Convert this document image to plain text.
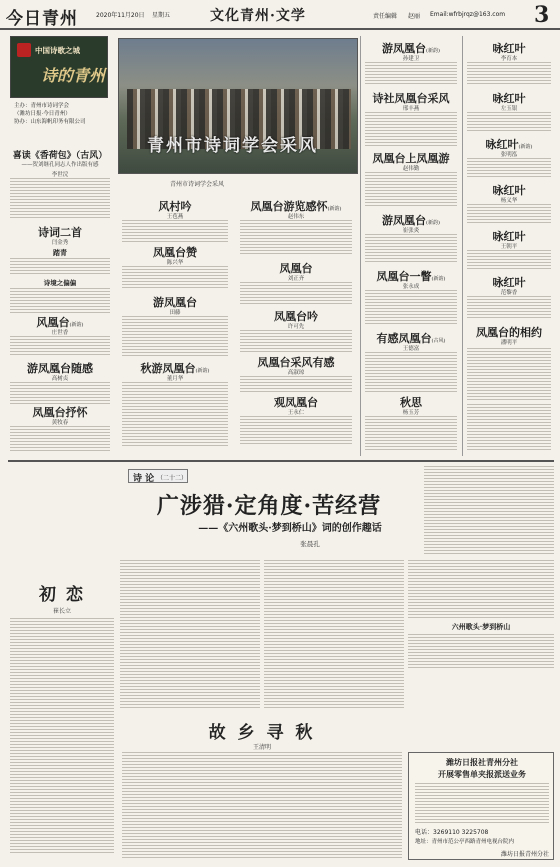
今日青州	2020年11月20日 星期五	文化青州·文学	责任编辑 赵丽 Email:wfrbjrqz@163.com 3
中国诗歌之城
诗的青州
主办：青州市诗词学会
（潍坊日报·今日青州）
协办：山东海帆印务有限公司
青州市诗词学会采风
青州市诗词学会采风
喜读《香荷包》（古风）
——贺刘继孔同志人作出版有感
李世浣
诗词二首
闫金秀
踏青
诗境之偏偏
风凰台(新韵)
庄世香
游凤凰台随感
高树贞
凤凰台抒怀
黄牧春
风村吟
王苞燕
凤凰台赞
陈兴华
游凤凰台
田藤
秋游凤凰台(新韵)
董月华
凤凰台游览感怀(新韵)
赵伟东
凤凰台
刘正齐
凤凰台吟
许可先
凤凰台采风有感
高淑琼
观凤凰台
王永仁
游凤凰台(新韵)
孙建卫
诗社凤凰台采风
邢丰燕
凤凰台上凤凰游
赵伟勤
游凤凰台(新韵)
崔张炎
凤凰台一瞥(新韵)
张永成
有感凤凰台(古风)
王德富
秋思
杨玉芳
咏红叶
李育本
咏红叶
左玉银
咏红叶(新韵)
张明泓
咏红叶
杨义华
咏红叶
王朝平
咏红叶
范黎香
凤凰台的相约
潘明平
诗 论 （二十二）
广涉猎·定角度·苦经营
——《六州歌头·梦到桥山》词的创作趣话
张晨孔
初 恋
崔长立
六州歌头·梦到桥山
故 乡 寻 秋
王清明
潍坊日报社青州分社
开展零售单夹报派送业务
电话：3269110 3225708
地址：青州市范公亭西路青州电视台院内
潍坊日报青州分社
